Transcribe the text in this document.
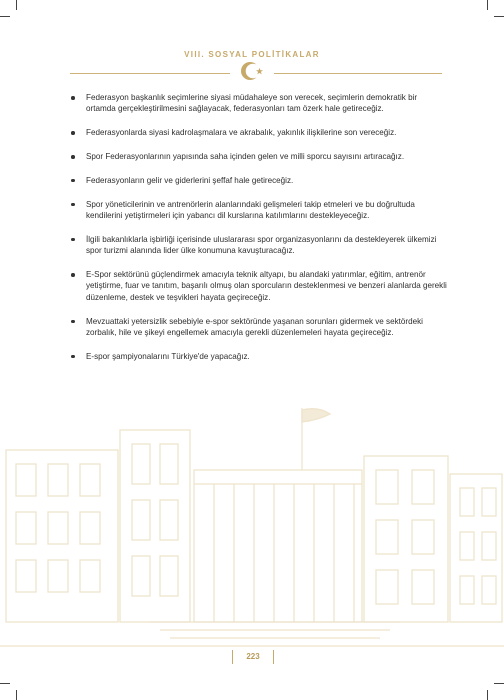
VIII. SOSYAL POLİTİKALAR
Federasyon başkanlık seçimlerine siyasi müdahaleye son verecek, seçimlerin demokratik bir ortamda gerçekleştirilmesini sağlayacak, federasyonları tam özerk hale getireceğiz.
Federasyonlarda siyasi kadrolaşmalara ve akrabalık, yakınlık ilişkilerine son vereceğiz.
Spor Federasyonlarının yapısında saha içinden gelen ve milli sporcu sayısını artıracağız.
Federasyonların gelir ve giderlerini şeffaf hale getireceğiz.
Spor yöneticilerinin ve antrenörlerin alanlarındaki gelişmeleri takip etmeleri ve bu doğrultuda kendilerini yetiştirmeleri için yabancı dil kurslarına katılımlarını destekleyeceğiz.
İlgili bakanlıklarla işbirliği içerisinde uluslararası spor organizasyonlarını da destekleyerek ülkemizi spor turizmi alanında lider ülke konumuna kavuşturacağız.
E-Spor sektörünü güçlendirmek amacıyla teknik altyapı, bu alandaki yatırımlar, eğitim, antrenör yetiştirme, fuar ve tanıtım, başarılı olmuş olan sporcuların desteklenmesi ve benzeri alanlarda gerekli düzenleme, destek ve teşvikleri hayata geçireceğiz.
Mevzuattaki yetersizlik sebebiyle e-spor sektöründe yaşanan sorunları gidermek ve sektördeki zorbalık, hile ve şikeyi engellemek amacıyla gerekli düzenlemeleri hayata geçireceğiz.
E-spor şampiyonalarını Türkiye'de yapacağız.
223
